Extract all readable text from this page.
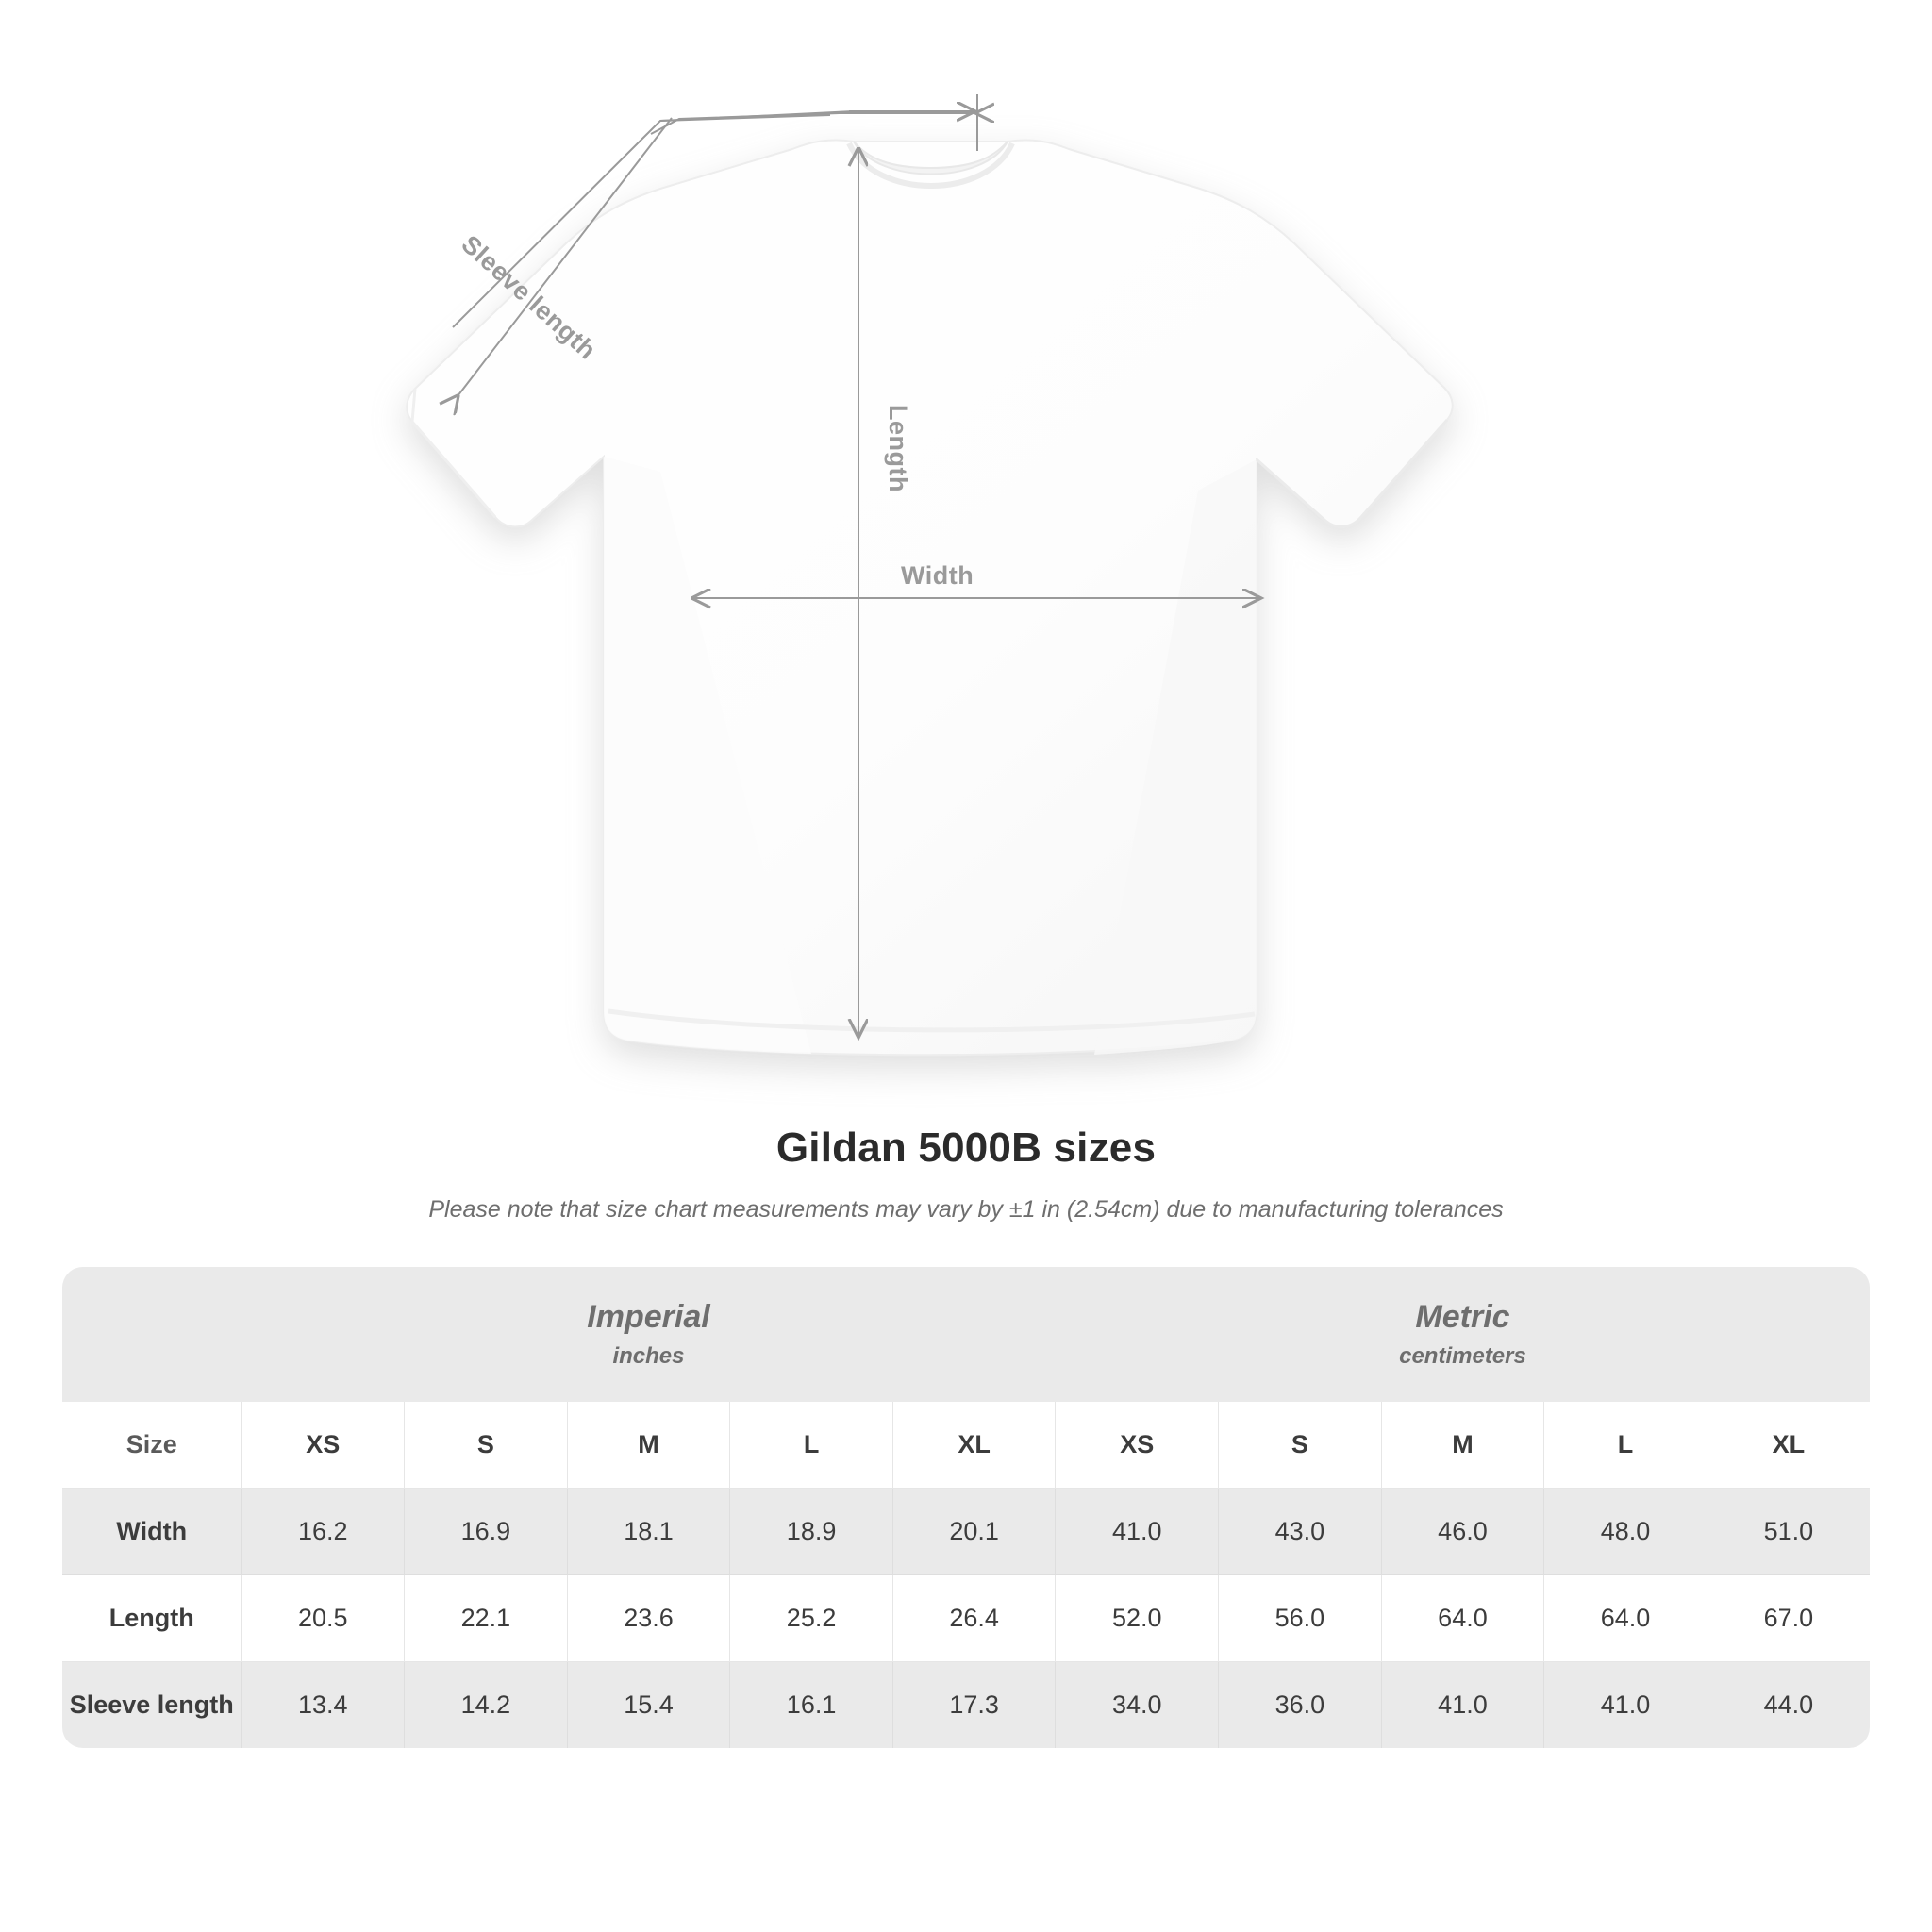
Sleeve length
Length
Width
Gildan 5000B sizes
Please note that size chart measurements may vary by ±1 in (2.54cm) due to manufacturing tolerances

	Imperial
inches					Metric
centimeters				

Size	XS	S	M	L	XL	XS	S	M	L	XL
Width	16.2	16.9	18.1	18.9	20.1	41.0	43.0	46.0	48.0	51.0
Length	20.5	22.1	23.6	25.2	26.4	52.0	56.0	64.0	64.0	67.0
Sleeve length	13.4	14.2	15.4	16.1	17.3	34.0	36.0	41.0	41.0	44.0
